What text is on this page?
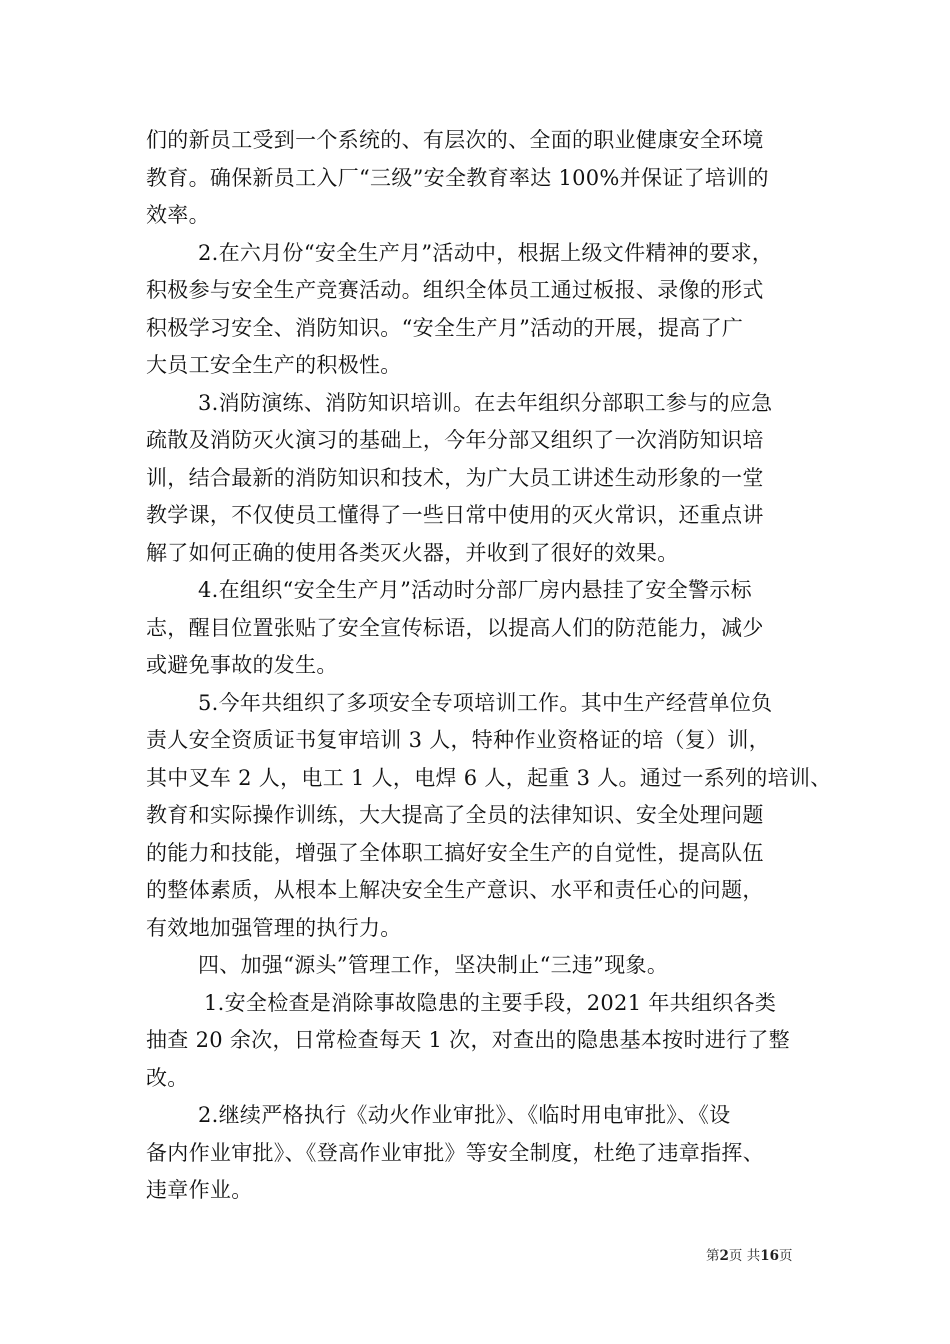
们的新员工受到一个系统的、有层次的、全面的职业健康安全环境
教育。确保新员工入厂“三级”安全教育率达 100%并保证了培训的
效率。
2.在六月份“安全生产月”活动中，根据上级文件精神的要求，
积极参与安全生产竞赛活动。组织全体员工通过板报、录像的形式
积极学习安全、消防知识。“安全生产月”活动的开展，提高了广
大员工安全生产的积极性。
3.消防演练、消防知识培训。在去年组织分部职工参与的应急
疏散及消防灭火演习的基础上，今年分部又组织了一次消防知识培
训，结合最新的消防知识和技术，为广大员工讲述生动形象的一堂
教学课，不仅使员工懂得了一些日常中使用的灭火常识，还重点讲
解了如何正确的使用各类灭火器，并收到了很好的效果。
4.在组织“安全生产月”活动时分部厂房内悬挂了安全警示标
志，醒目位置张贴了安全宣传标语，以提高人们的防范能力，减少
或避免事故的发生。
5.今年共组织了多项安全专项培训工作。其中生产经营单位负
责人安全资质证书复审培训 3 人，特种作业资格证的培（复）训，
其中叉车 2 人，电工 1 人，电焊 6 人，起重 3 人。通过一系列的培训、
教育和实际操作训练，大大提高了全员的法律知识、安全处理问题
的能力和技能，增强了全体职工搞好安全生产的自觉性，提高队伍
的整体素质，从根本上解决安全生产意识、水平和责任心的问题，
有效地加强管理的执行力。
四、加强“源头”管理工作，坚决制止“三违”现象。
1.安全检查是消除事故隐患的主要手段，2021 年共组织各类
抽查 20 余次，日常检查每天 1 次，对查出的隐患基本按时进行了整
改。
2.继续严格执行《动火作业审批》、《临时用电审批》、《设
备内作业审批》、《登高作业审批》等安全制度，杜绝了违章指挥、
违章作业。
第2页 共16页
